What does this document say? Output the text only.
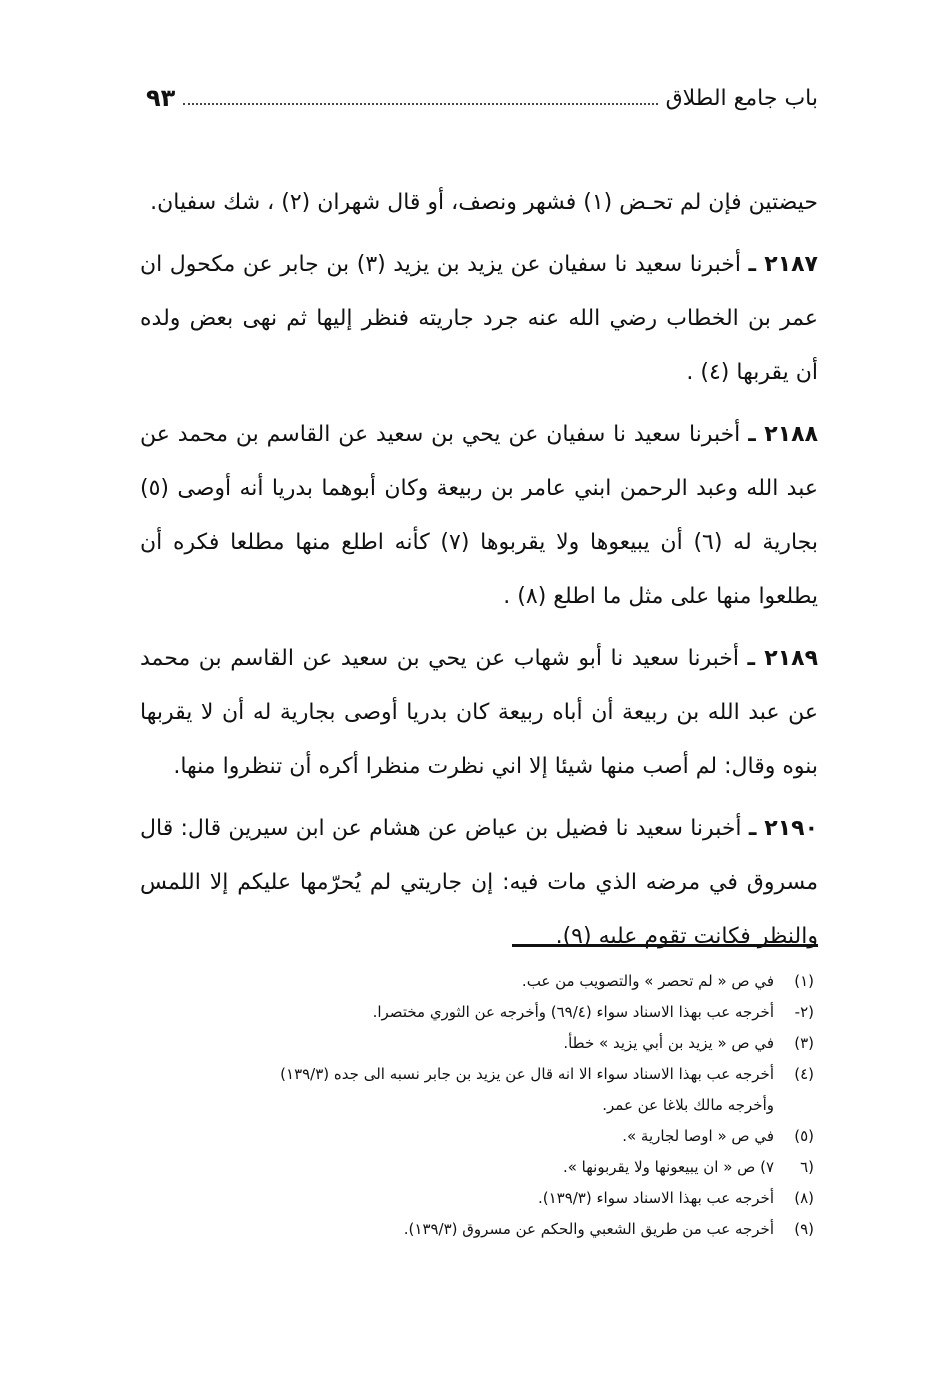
باب جامع الطلاق
٩٣

حيضتين فإن لم تحـض (١) فشهر ونصف، أو قال شهران (٢) ، شك سفيان.

٢١٨٧ ـ أخبرنا سعيد نا سفيان عن يزيد بن يزيد (٣) بن جابر عن مكحول ان عمر بن الخطاب رضي الله عنه جرد جاريته فنظر إليها ثم نهى بعض ولده أن يقربها (٤) .

٢١٨٨ ـ أخبرنا سعيد نا سفيان عن يحي بن سعيد عن القاسم بن محمد عن عبد الله وعبد الرحمن ابني عامر بن ربيعة وكان أبوهما بدريا أنه أوصى (٥) بجارية له (٦) أن يبيعوها ولا يقربوها (٧) كأنه اطلع منها مطلعا فكره أن يطلعوا منها على مثل ما اطلع (٨) .

٢١٨٩ ـ أخبرنا سعيد نا أبو شهاب عن يحي بن سعيد عن القاسم بن محمد عن عبد الله بن ربيعة أن أباه ربيعة كان بدريا أوصى بجارية له أن لا يقربها بنوه وقال: لم أصب منها شيئا إلا اني نظرت منظرا أكره أن تنظروا منها.

٢١٩٠ ـ أخبرنا سعيد نا فضيل بن عياض عن هشام عن ابن سيرين قال: قال مسروق في مرضه الذي مات فيه: إن جاريتي لم يُحرّمها عليكم إلا اللمس والنظر فكانت تقوم عليه (٩).

(١)
في ص « لم تحصر » والتصويب من عب.
(٢-
أخرجه عب بهذا الاسناد سواء (٦٩/٤) وأخرجه عن الثوري مختصرا.
(٣)
في ص « يزيد بن أبي يزيد » خطأ.
(٤)
أخرجه عب بهذا الاسناد سواء الا انه قال عن يزيد بن جابر نسبه الى جده (١٣٩/٣)
وأخرجه مالك بلاغا عن عمر.
(٥)
في ص « اوصا لجارية ».
(٦
٧) ص « ان يبيعونها ولا يقربونها ».
(٨)
أخرجه عب بهذا الاسناد سواء (١٣٩/٣).
(٩)
أخرجه عب من طريق الشعبي والحكم عن مسروق (١٣٩/٣).
